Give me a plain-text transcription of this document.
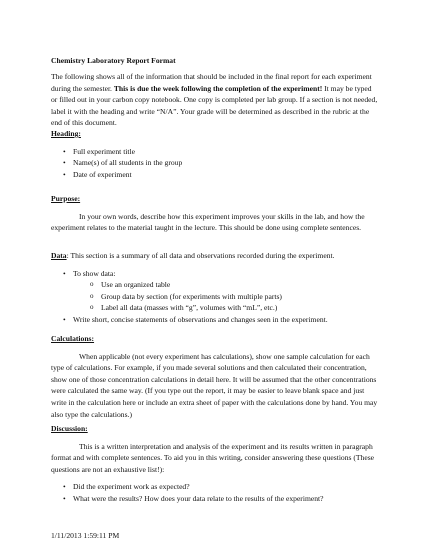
Chemistry Laboratory Report Format
The following shows all of the information that should be included in the final report for each experiment during the semester. This is due the week following the completion of the experiment! It may be typed or filled out in your carbon copy notebook. One copy is completed per lab group. If a section is not needed, label it with the heading and write “N/A”. Your grade will be determined as described in the rubric at the end of this document.
Heading:
• Full experiment title
• Name(s) of all students in the group
• Date of experiment
Purpose:
In your own words, describe how this experiment improves your skills in the lab, and how the experiment relates to the material taught in the lecture. This should be done using complete sentences.
Data: This section is a summary of all data and observations recorded during the experiment.
• To show data:
o Use an organized table
o Group data by section (for experiments with multiple parts)
o Label all data (masses with “g”, volumes with “mL”, etc.)
• Write short, concise statements of observations and changes seen in the experiment.
Calculations:
When applicable (not every experiment has calculations), show one sample calculation for each type of calculations. For example, if you made several solutions and then calculated their concentration, show one of those concentration calculations in detail here. It will be assumed that the other concentrations were calculated the same way. (If you type out the report, it may be easier to leave blank space and just write in the calculation here or include an extra sheet of paper with the calculations done by hand. You may also type the calculations.)
Discussion:
This is a written interpretation and analysis of the experiment and its results written in paragraph format and with complete sentences. To aid you in this writing, consider answering these questions (These questions are not an exhaustive list!):
• Did the experiment work as expected?
• What were the results? How does your data relate to the results of the experiment?
1/11/2013 1:59:11 PM
